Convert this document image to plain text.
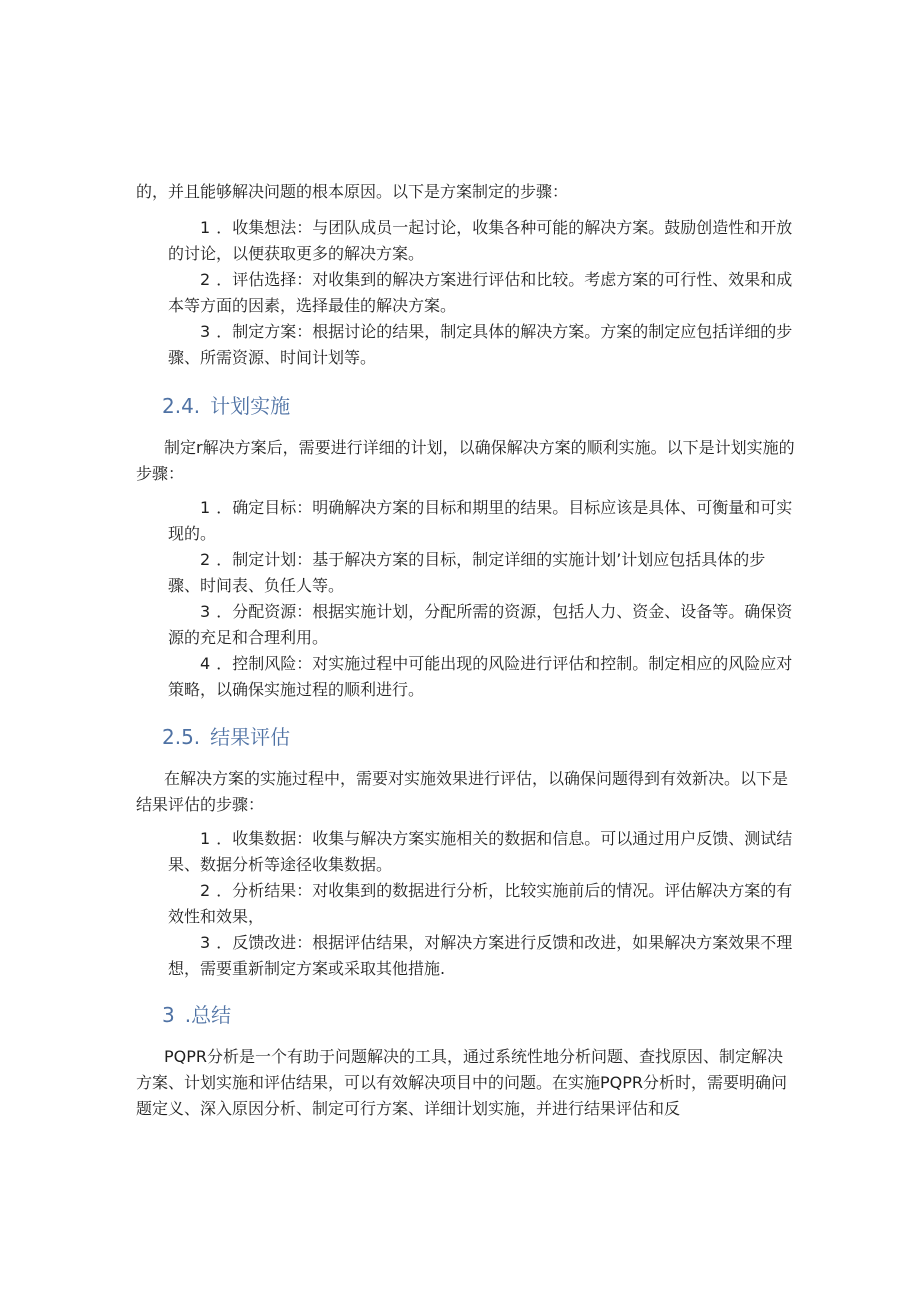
的，并且能够解决问题的根本原因。以下是方案制定的步骤：
1 ．收集想法：与团队成员一起讨论，收集各种可能的解决方案。鼓励创造性和开放的讨论，以便获取更多的解决方案。
2 ．评估选择：对收集到的解决方案进行评估和比较。考虑方案的可行性、效果和成本等方面的因素，选择最佳的解决方案。
3 ．制定方案：根据讨论的结果，制定具体的解决方案。方案的制定应包括详细的步骤、所需资源、时间计划等。
2.4. 计划实施
制定r解决方案后，需要进行详细的计划，以确保解决方案的顺利实施。以下是计划实施的步骤：
1 ．确定目标：明确解决方案的目标和期里的结果。目标应该是具体、可衡量和可实现的。
2 ．制定计划：基于解决方案的目标，制定详细的实施计划’计划应包括具体的步骤、时间表、负任人等。
3 ．分配资源：根据实施计划，分配所需的资源，包括人力、资金、设备等。确保资源的充足和合理利用。
4 ．控制风险：对实施过程中可能出现的风险进行评估和控制。制定相应的风险应对策略，以确保实施过程的顺利进行。
2.5. 结果评估
在解决方案的实施过程中，需要对实施效果进行评估，以确保问题得到有效新决。以下是结果评估的步骤：
1 ．收集数据：收集与解决方案实施相关的数据和信息。可以通过用户反馈、测试结果、数据分析等途径收集数据。
2 ．分析结果：对收集到的数据进行分析，比较实施前后的情况。评估解决方案的有效性和效果，
3 ．反馈改进：根据评估结果，对解决方案进行反馈和改进，如果解决方案效果不理想，需要重新制定方案或采取其他措施.
3 .总结
PQPR分析是一个有助于问题解决的工具，通过系统性地分析问题、查找原因、制定解决方案、计划实施和评估结果，可以有效解决项目中的问题。在实施PQPR分析时，需要明确问题定义、深入原因分析、制定可行方案、详细计划实施，并进行结果评估和反
